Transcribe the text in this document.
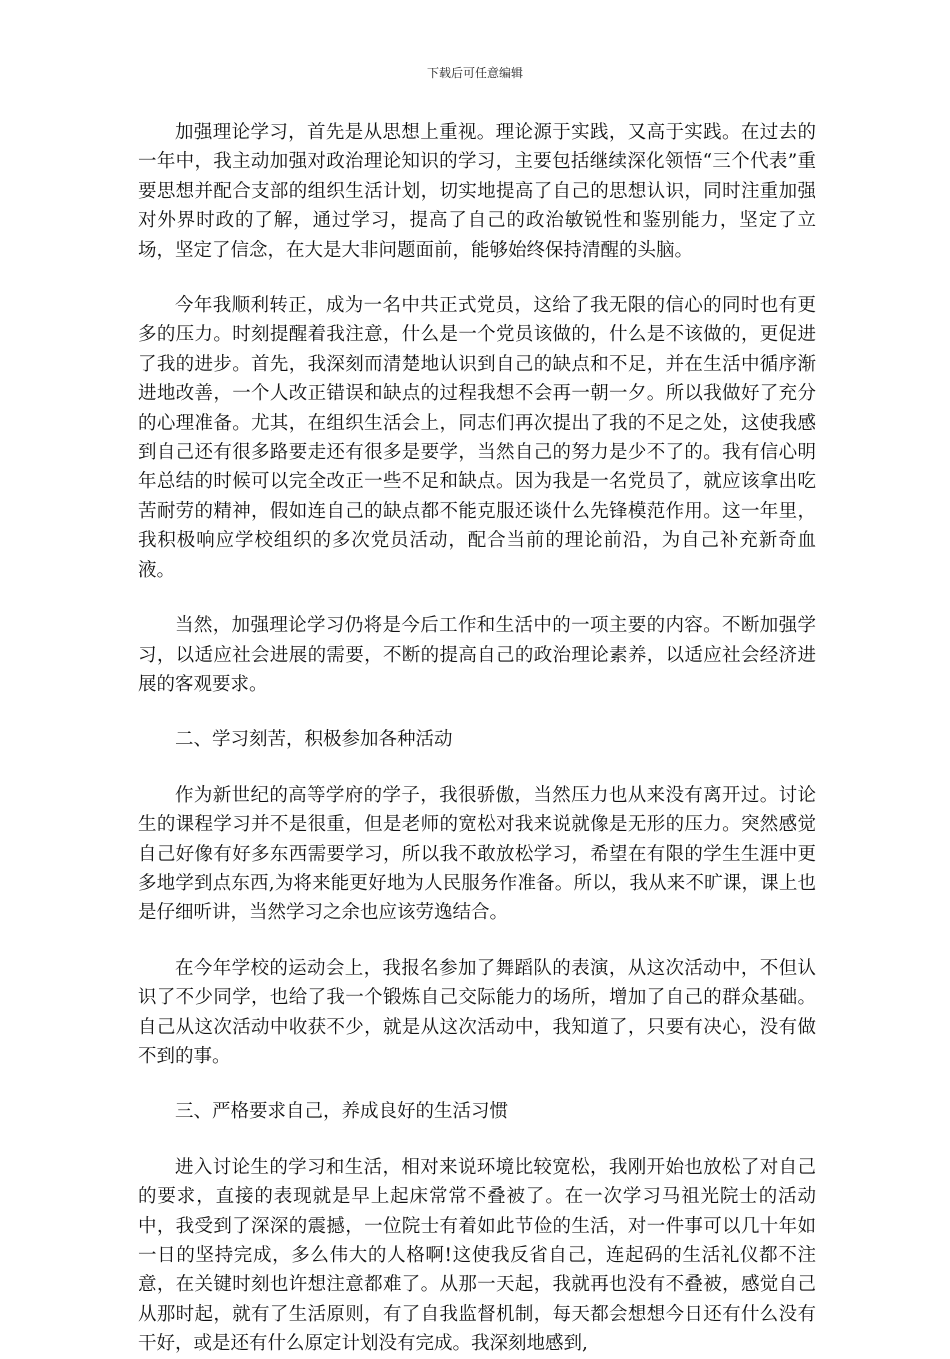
下载后可任意编辑

加强理论学习，首先是从思想上重视。理论源于实践，又高于实践。在过去的一年中，我主动加强对政治理论知识的学习，主要包括继续深化领悟“三个代表”重要思想并配合支部的组织生活计划，切实地提高了自己的思想认识，同时注重加强对外界时政的了解，通过学习，提高了自己的政治敏锐性和鉴别能力，坚定了立场，坚定了信念，在大是大非问题面前，能够始终保持清醒的头脑。

今年我顺利转正，成为一名中共正式党员，这给了我无限的信心的同时也有更多的压力。时刻提醒着我注意，什么是一个党员该做的，什么是不该做的，更促进了我的进步。首先，我深刻而清楚地认识到自己的缺点和不足，并在生活中循序渐进地改善，一个人改正错误和缺点的过程我想不会再一朝一夕。所以我做好了充分的心理准备。尤其，在组织生活会上，同志们再次提出了我的不足之处，这使我感到自己还有很多路要走还有很多是要学，当然自己的努力是少不了的。我有信心明年总结的时候可以完全改正一些不足和缺点。因为我是一名党员了，就应该拿出吃苦耐劳的精神，假如连自己的缺点都不能克服还谈什么先锋模范作用。这一年里，我积极响应学校组织的多次党员活动，配合当前的理论前沿，为自己补充新奇血液。

当然，加强理论学习仍将是今后工作和生活中的一项主要的内容。不断加强学习，以适应社会进展的需要，不断的提高自己的政治理论素养，以适应社会经济进展的客观要求。

二、学习刻苦，积极参加各种活动

作为新世纪的高等学府的学子，我很骄傲，当然压力也从来没有离开过。讨论生的课程学习并不是很重，但是老师的宽松对我来说就像是无形的压力。突然感觉自己好像有好多东西需要学习，所以我不敢放松学习，希望在有限的学生生涯中更多地学到点东西,为将来能更好地为人民服务作准备。所以，我从来不旷课，课上也是仔细听讲，当然学习之余也应该劳逸结合。

在今年学校的运动会上，我报名参加了舞蹈队的表演，从这次活动中，不但认识了不少同学，也给了我一个锻炼自己交际能力的场所，增加了自己的群众基础。自己从这次活动中收获不少，就是从这次活动中，我知道了，只要有决心，没有做不到的事。

三、严格要求自己，养成良好的生活习惯

进入讨论生的学习和生活，相对来说环境比较宽松，我刚开始也放松了对自己的要求，直接的表现就是早上起床常常不叠被了。在一次学习马祖光院士的活动中，我受到了深深的震撼，一位院士有着如此节俭的生活，对一件事可以几十年如一日的坚持完成，多么伟大的人格啊!这使我反省自己，连起码的生活礼仪都不注意，在关键时刻也许想注意都难了。从那一天起，我就再也没有不叠被，感觉自己从那时起，就有了生活原则，有了自我监督机制，每天都会想想今日还有什么没有干好，或是还有什么原定计划没有完成。我深刻地感到,
